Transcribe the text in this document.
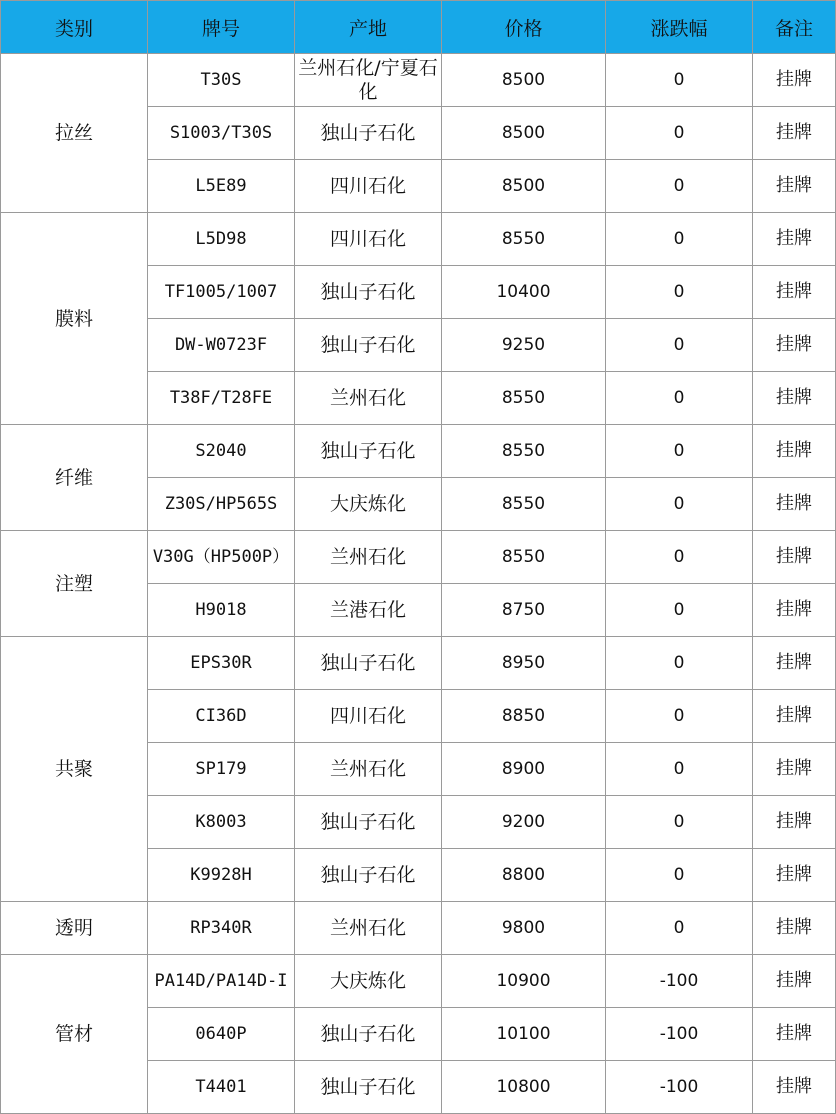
类别	牌号	产地	价格	涨跌幅	备注
拉丝	T30S	兰州石化/宁夏石化	8500	0	挂牌
	S1003/T30S	独山子石化	8500	0	挂牌
	L5E89	四川石化	8500	0	挂牌
膜料	L5D98	四川石化	8550	0	挂牌
	TF1005/1007	独山子石化	10400	0	挂牌
	DW-W0723F	独山子石化	9250	0	挂牌
	T38F/T28FE	兰州石化	8550	0	挂牌
纤维	S2040	独山子石化	8550	0	挂牌
	Z30S/HP565S	大庆炼化	8550	0	挂牌
注塑	V30G（HP500P）	兰州石化	8550	0	挂牌
	H9018	兰港石化	8750	0	挂牌
共聚	EPS30R	独山子石化	8950	0	挂牌
	CI36D	四川石化	8850	0	挂牌
	SP179	兰州石化	8900	0	挂牌
	K8003	独山子石化	9200	0	挂牌
	K9928H	独山子石化	8800	0	挂牌
透明	RP340R	兰州石化	9800	0	挂牌
管材	PA14D/PA14D-I	大庆炼化	10900	-100	挂牌
	0640P	独山子石化	10100	-100	挂牌
	T4401	独山子石化	10800	-100	挂牌
